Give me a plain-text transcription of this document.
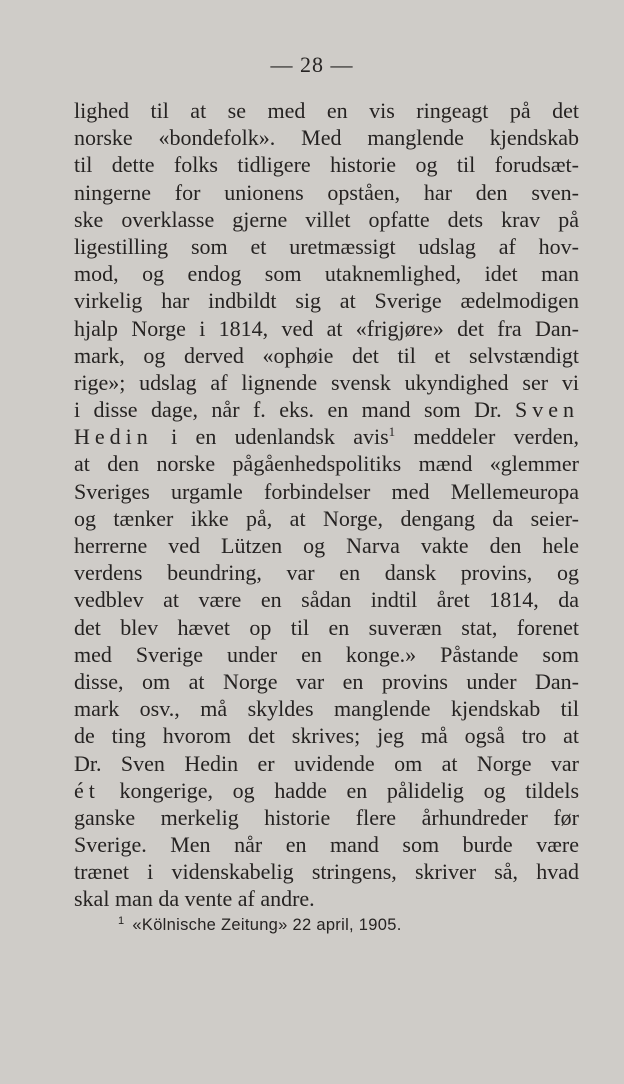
— 28 —
lighed til at se med en vis ringeagt på det
norske «bondefolk». Med manglende kjendskab
til dette folks tidligere historie og til forudsæt-
ningerne for unionens opståen, har den sven-
ske overklasse gjerne villet opfatte dets krav på
ligestilling som et uretmæssigt udslag af hov-
mod, og endog som utaknemlighed, idet man
virkelig har indbildt sig at Sverige ædelmodigen
hjalp Norge i 1814, ved at «frigjøre» det fra Dan-
mark, og derved «ophøie det til et selvstændigt
rige»; udslag af lignende svensk ukyndighed ser vi
i disse dage, når f. eks. en mand som Dr. Sven
Hedin i en udenlandsk avis$^1$ meddeler verden,
at den norske pågåenhedspolitiks mænd «glemmer
Sveriges urgamle forbindelser med Mellemeuropa
og tænker ikke på, at Norge, dengang da seier-
herrerne ved Lützen og Narva vakte den hele
verdens beundring, var en dansk provins, og
vedblev at være en sådan indtil året 1814, da
det blev hævet op til en suveræn stat, forenet
med Sverige under en konge.» Påstande som
disse, om at Norge var en provins under Dan-
mark osv., må skyldes manglende kjendskab til
de ting hvorom det skrives; jeg må også tro at
Dr. Sven Hedin er uvidende om at Norge var
ét kongerige, og hadde en pålidelig og tildels
ganske merkelig historie flere århundreder før
Sverige. Men når en mand som burde være
trænet i videnskabelig stringens, skriver så, hvad
skal man da vente af andre.
$^1$ «Kölnische Zeitung» 22 april, 1905.
